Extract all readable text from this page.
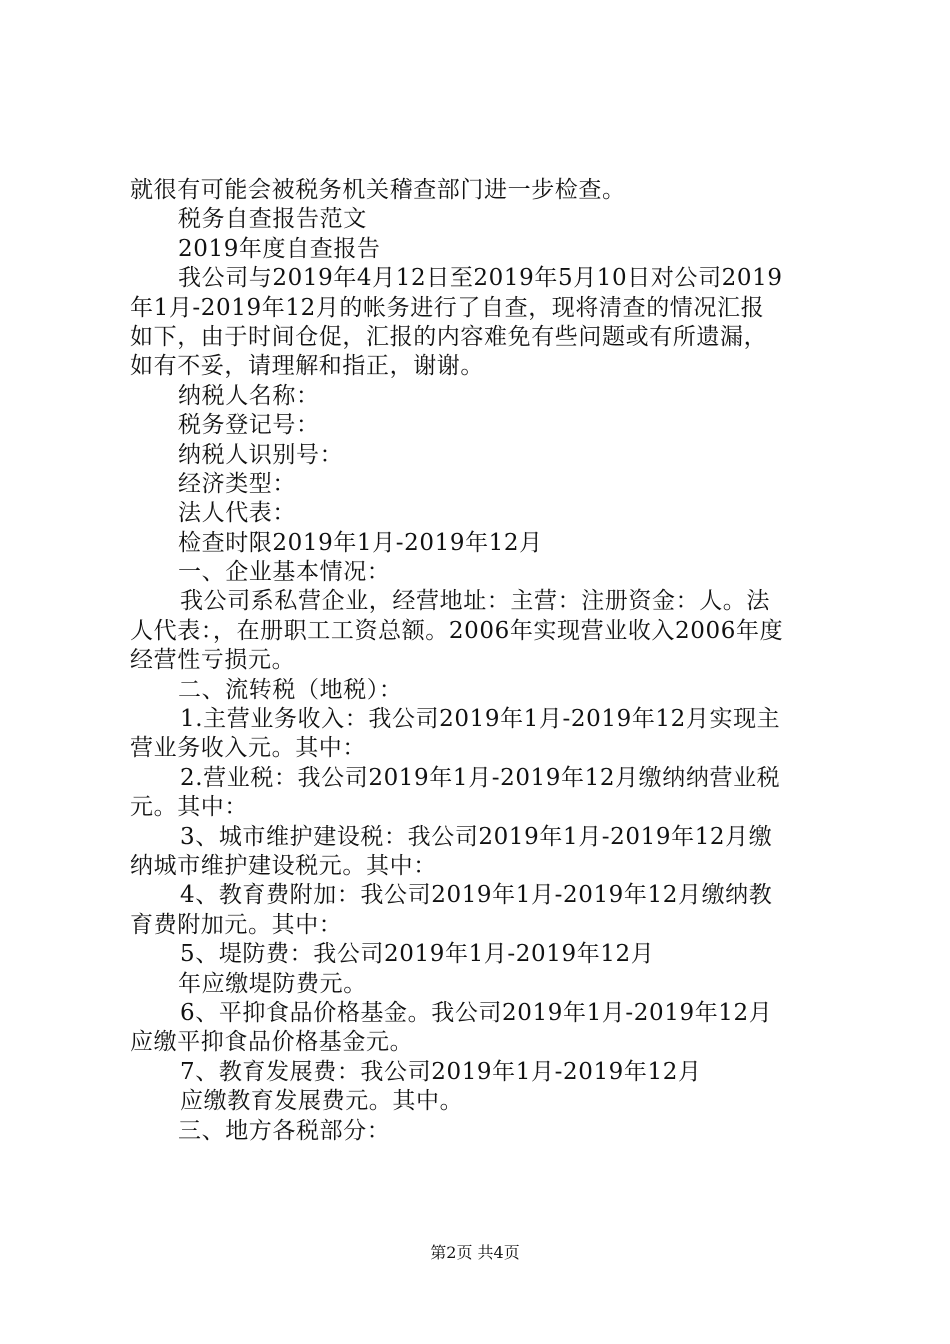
就很有可能会被税务机关稽查部门进一步检查。
税务自查报告范文
2019年度自查报告
我公司与2019年4月12日至2019年5月10日对公司2019
年1月-2019年12月的帐务进行了自查，现将清查的情况汇报
如下，由于时间仓促，汇报的内容难免有些问题或有所遗漏，
如有不妥，请理解和指正，谢谢。
纳税人名称：
税务登记号：
纳税人识别号：
经济类型：
法人代表：
检查时限2019年1月-2019年12月
一、企业基本情况：
我公司系私营企业，经营地址：主营：注册资金：人。法
人代表：，在册职工工资总额。2006年实现营业收入2006年度
经营性亏损元。
二、流转税（地税）：
1.主营业务收入：我公司2019年1月-2019年12月实现主
营业务收入元。其中：
2.营业税：我公司2019年1月-2019年12月缴纳纳营业税
元。其中：
3、城市维护建设税：我公司2019年1月-2019年12月缴
纳城市维护建设税元。其中：
4、教育费附加：我公司2019年1月-2019年12月缴纳教
育费附加元。其中：
5、堤防费：我公司2019年1月-2019年12月
年应缴堤防费元。
6、平抑食品价格基金。我公司2019年1月-2019年12月
应缴平抑食品价格基金元。
7、教育发展费：我公司2019年1月-2019年12月
应缴教育发展费元。其中。
三、地方各税部分：
第2页 共4页
